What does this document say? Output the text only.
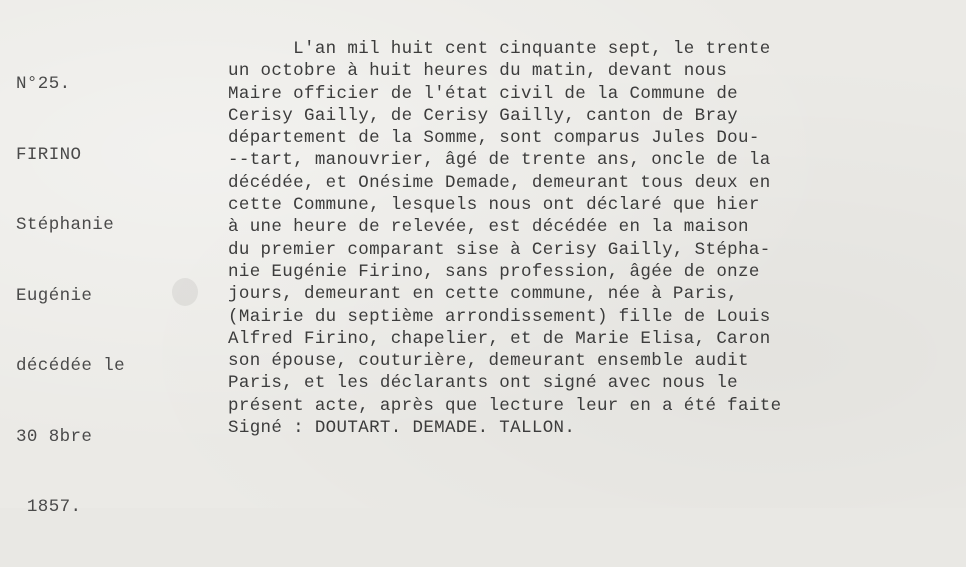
N°25.

FIRINO

Stéphanie

Eugénie

décédée le

30 8bre

1857.

L'an mil huit cent cinquante sept, le trente
un octobre à huit heures du matin, devant nous
Maire officier de l'état civil de la Commune de
Cerisy Gailly, de Cerisy Gailly, canton de Bray
département de la Somme, sont comparus Jules Dou-
--tart, manouvrier, âgé de trente ans, oncle de la
décédée, et Onésime Demade, demeurant tous deux en
cette Commune, lesquels nous ont déclaré que hier
à une heure de relevée, est décédée en la maison
du premier comparant sise à Cerisy Gailly, Stépha-
nie Eugénie Firino, sans profession, âgée de onze
jours, demeurant en cette commune, née à Paris,
(Mairie du septième arrondissement) fille de Louis
Alfred Firino, chapelier, et de Marie Elisa, Caron
son épouse, couturière, demeurant ensemble audit
Paris, et les déclarants ont signé avec nous le
présent acte, après que lecture leur en a été faite
Signé : DOUTART. DEMADE. TALLON.
